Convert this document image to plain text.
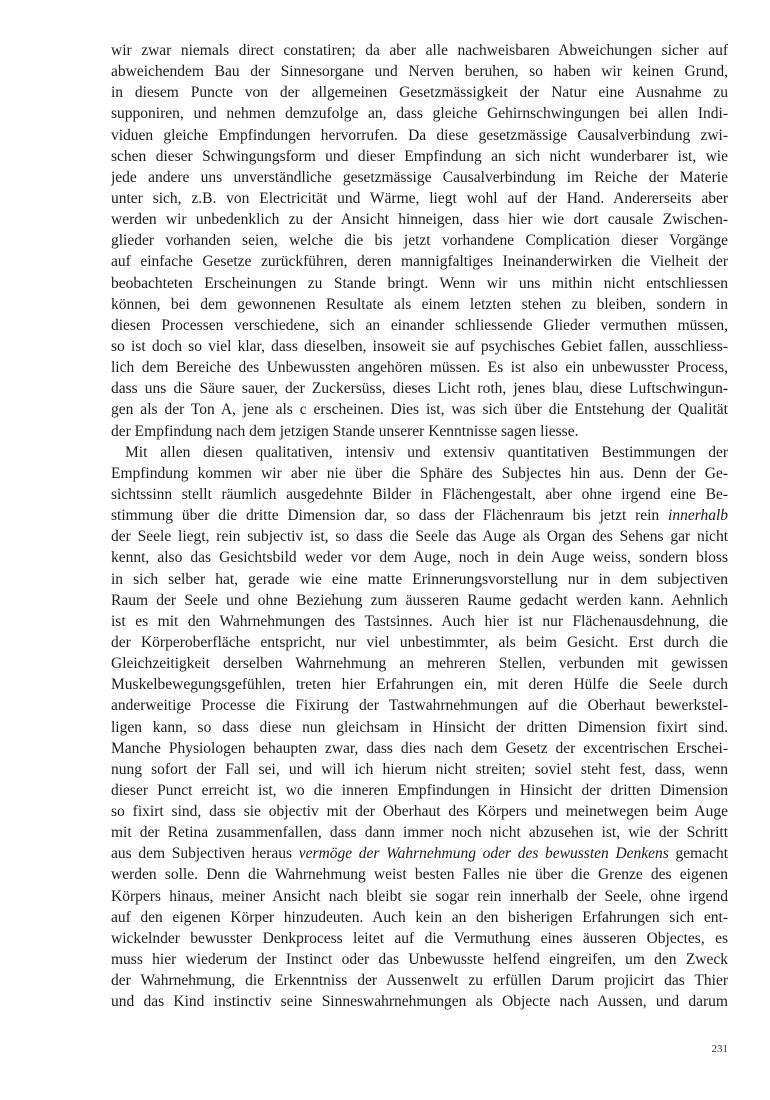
wir zwar niemals direct constatiren; da aber alle nachweisbaren Abweichungen sicher auf
abweichendem Bau der Sinnesorgane und Nerven beruhen, so haben wir keinen Grund,
in diesem Puncte von der allgemeinen Gesetzmässigkeit der Natur eine Ausnahme zu
supponiren, und nehmen demzufolge an, dass gleiche Gehirnschwingungen bei allen Indi-
viduen gleiche Empfindungen hervorrufen. Da diese gesetzmässige Causalverbindung zwi-
schen dieser Schwingungsform und dieser Empfindung an sich nicht wunderbarer ist, wie
jede andere uns unverständliche gesetzmässige Causalverbindung im Reiche der Materie
unter sich, z.B. von Electricität und Wärme, liegt wohl auf der Hand. Andererseits aber
werden wir unbedenklich zu der Ansicht hinneigen, dass hier wie dort causale Zwischen-
glieder vorhanden seien, welche die bis jetzt vorhandene Complication dieser Vorgänge
auf einfache Gesetze zurückführen, deren mannigfaltiges Ineinanderwirken die Vielheit der
beobachteten Erscheinungen zu Stande bringt. Wenn wir uns mithin nicht entschliessen
können, bei dem gewonnenen Resultate als einem letzten stehen zu bleiben, sondern in
diesen Processen verschiedene, sich an einander schliessende Glieder vermuthen müssen,
so ist doch so viel klar, dass dieselben, insoweit sie auf psychisches Gebiet fallen, ausschliess-
lich dem Bereiche des Unbewussten angehören müssen. Es ist also ein unbewusster Process,
dass uns die Säure sauer, der Zuckersüss, dieses Licht roth, jenes blau, diese Luftschwingun-
gen als der Ton A, jene als c erscheinen. Dies ist, was sich über die Entstehung der Qualität
der Empfindung nach dem jetzigen Stande unserer Kenntnisse sagen liesse.
Mit allen diesen qualitativen, intensiv und extensiv quantitativen Bestimmungen der
Empfindung kommen wir aber nie über die Sphäre des Subjectes hin aus. Denn der Ge-
sichtssinn stellt räumlich ausgedehnte Bilder in Flächengestalt, aber ohne irgend eine Be-
stimmung über die dritte Dimension dar, so dass der Flächenraum bis jetzt rein innerhalb
der Seele liegt, rein subjectiv ist, so dass die Seele das Auge als Organ des Sehens gar nicht
kennt, also das Gesichtsbild weder vor dem Auge, noch in dein Auge weiss, sondern bloss
in sich selber hat, gerade wie eine matte Erinnerungsvorstellung nur in dem subjectiven
Raum der Seele und ohne Beziehung zum äusseren Raume gedacht werden kann. Aehnlich
ist es mit den Wahrnehmungen des Tastsinnes. Auch hier ist nur Flächenausdehnung, die
der Körperoberfläche entspricht, nur viel unbestimmter, als beim Gesicht. Erst durch die
Gleichzeitigkeit derselben Wahrnehmung an mehreren Stellen, verbunden mit gewissen
Muskelbewegungsgefühlen, treten hier Erfahrungen ein, mit deren Hülfe die Seele durch
anderweitige Processe die Fixirung der Tastwahrnehmungen auf die Oberhaut bewerkstel-
ligen kann, so dass diese nun gleichsam in Hinsicht der dritten Dimension fixirt sind.
Manche Physiologen behaupten zwar, dass dies nach dem Gesetz der excentrischen Erschei-
nung sofort der Fall sei, und will ich hierum nicht streiten; soviel steht fest, dass, wenn
dieser Punct erreicht ist, wo die inneren Empfindungen in Hinsicht der dritten Dimension
so fixirt sind, dass sie objectiv mit der Oberhaut des Körpers und meinetwegen beim Auge
mit der Retina zusammenfallen, dass dann immer noch nicht abzusehen ist, wie der Schritt
aus dem Subjectiven heraus vermöge der Wahrnehmung oder des bewussten Denkens gemacht
werden solle. Denn die Wahrnehmung weist besten Falles nie über die Grenze des eigenen
Körpers hinaus, meiner Ansicht nach bleibt sie sogar rein innerhalb der Seele, ohne irgend
auf den eigenen Körper hinzudeuten. Auch kein an den bisherigen Erfahrungen sich ent-
wickelnder bewusster Denkprocess leitet auf die Vermuthung eines äusseren Objectes, es
muss hier wiederum der Instinct oder das Unbewusste helfend eingreifen, um den Zweck
der Wahrnehmung, die Erkenntniss der Aussenwelt zu erfüllen Darum projicirt das Thier
und das Kind instinctiv seine Sinneswahrnehmungen als Objecte nach Aussen, und darum
231
